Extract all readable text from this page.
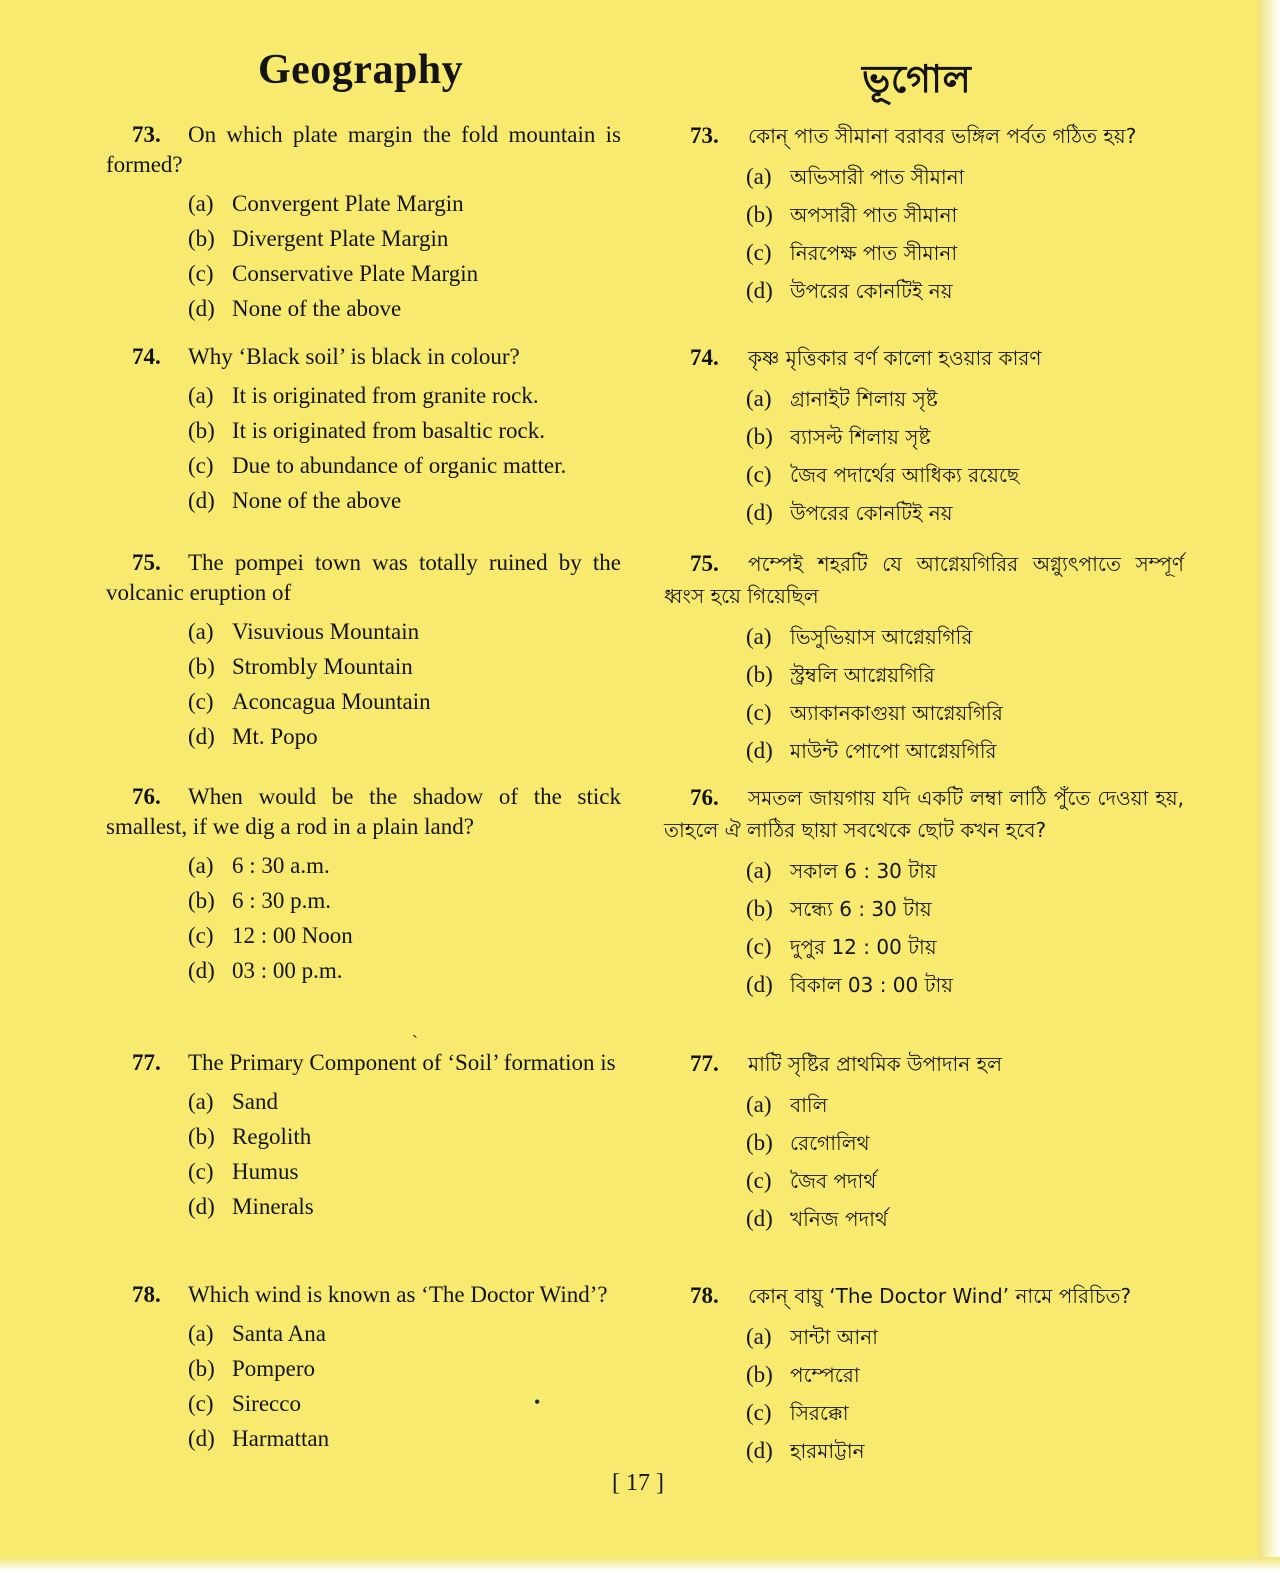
Geography	ভূগোল

73. On which plate margin the fold mountain is formed?

(a) Convergent Plate Margin
(b) Divergent Plate Margin
(c) Conservative Plate Margin
(d) None of the above

74. Why ‘Black soil’ is black in colour?

(a) It is originated from granite rock.
(b) It is originated from basaltic rock.
(c) Due to abundance of organic matter.
(d) None of the above

75. The pompei town was totally ruined by the volcanic eruption of

(a) Visuvious Mountain
(b) Strombly Mountain
(c) Aconcagua Mountain
(d) Mt. Popo

76. When would be the shadow of the stick smallest, if we dig a rod in a plain land?

(a) 6 : 30 a.m.
(b) 6 : 30 p.m.
(c) 12 : 00 Noon
(d) 03 : 00 p.m.

77. The Primary Component of ‘Soil’ formation is

(a) Sand
(b) Regolith
(c) Humus
(d) Minerals

78. Which wind is known as ‘The Doctor Wind’?

(a) Santa Ana
(b) Pompero
(c) Sirecco
(d) Harmattan

73. কোন্ পাত সীমানা বরাবর ভঙ্গিল পর্বত গঠিত হয়?

(a) অভিসারী পাত সীমানা
(b) অপসারী পাত সীমানা
(c) নিরপেক্ষ পাত সীমানা
(d) উপরের কোনটিই নয়

74. কৃষ্ণ মৃত্তিকার বর্ণ কালো হওয়ার কারণ

(a) গ্রানাইট শিলায় সৃষ্ট
(b) ব্যাসল্ট শিলায় সৃষ্ট
(c) জৈব পদার্থের আধিক্য রয়েছে
(d) উপরের কোনটিই নয়

75. পম্পেই শহরটি যে আগ্নেয়গিরির অগ্ন্যুৎপাতে সম্পূর্ণ ধ্বংস হয়ে গিয়েছিল

(a) ভিসুভিয়াস আগ্নেয়গিরি
(b) স্ট্রম্বলি আগ্নেয়গিরি
(c) অ্যাকানকাগুয়া আগ্নেয়গিরি
(d) মাউন্ট পোপো আগ্নেয়গিরি

76. সমতল জায়গায় যদি একটি লম্বা লাঠি পুঁতে দেওয়া হয়, তাহলে ঐ লাঠির ছায়া সবথেকে ছোট কখন হবে?

(a) সকাল 6 : 30 টায়
(b) সন্ধ্যে 6 : 30 টায়
(c) দুপুর 12 : 00 টায়
(d) বিকাল 03 : 00 টায়

77. মাটি সৃষ্টির প্রাথমিক উপাদান হল

(a) বালি
(b) রেগোলিথ
(c) জৈব পদার্থ
(d) খনিজ পদার্থ

78. কোন্ বায়ু ‘The Doctor Wind’ নামে পরিচিত?

(a) সান্টা আনা
(b) পম্পেরো
(c) সিরক্কো
(d) হারমাট্টান
[ 17 ]
ˏ
•
